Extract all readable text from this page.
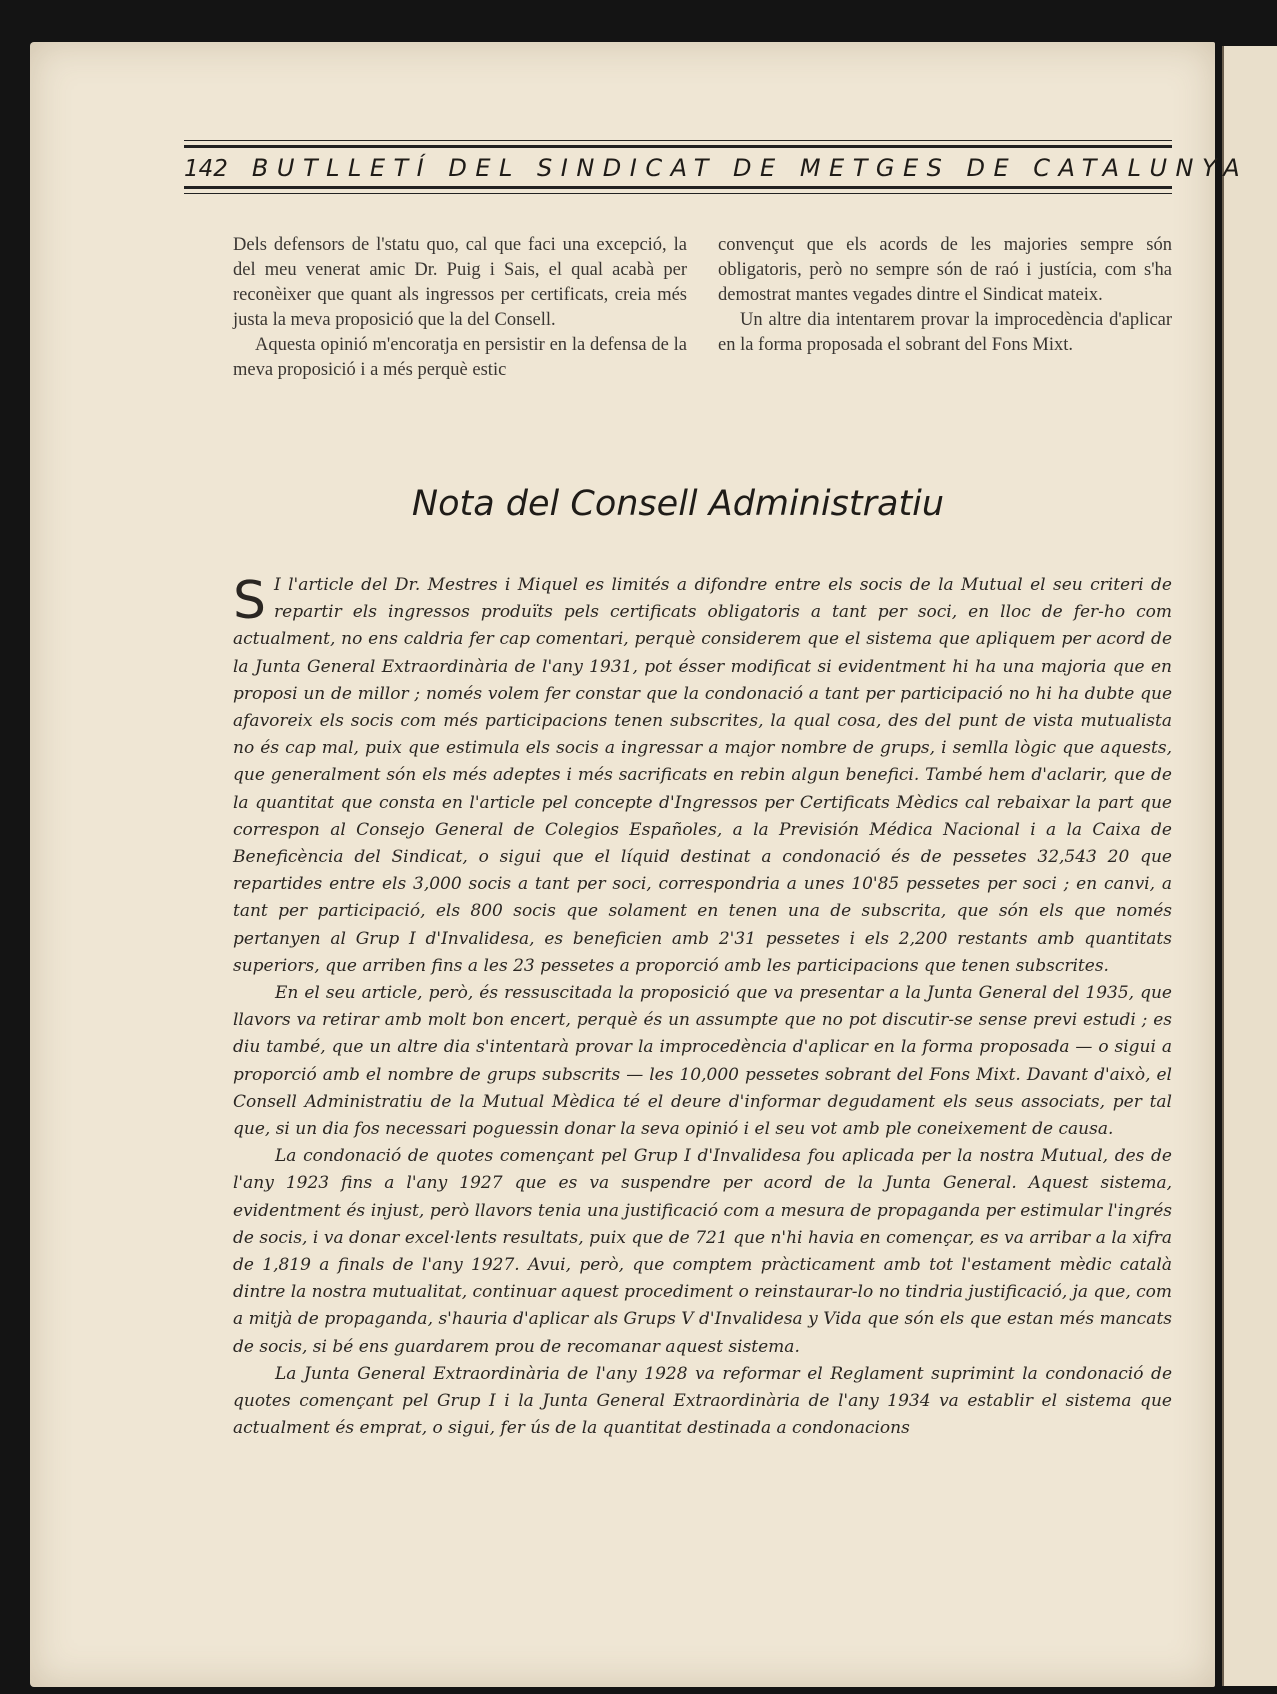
142 BUTLLETÍ DEL SINDICAT DE METGES DE CATALUNYA

Dels defensors de l'statu quo, cal que faci una excepció, la del meu venerat amic Dr. Puig i Sais, el qual acabà per reconèixer que quant als ingressos per certificats, creia més justa la meva proposició que la del Consell.

Aquesta opinió m'encoratja en persistir en la defensa de la meva proposició i a més perquè estic

convençut que els acords de les majories sempre són obligatoris, però no sempre són de raó i justícia, com s'ha demostrat mantes vegades dintre el Sindicat mateix.

Un altre dia intentarem provar la improcedència d'aplicar en la forma proposada el sobrant del Fons Mixt.

Nota del Consell Administratiu

S I l'article del Dr. Mestres i Miquel es limités a difondre entre els socis de la Mutual el seu criteri de repartir els ingressos produïts pels certificats obligatoris a tant per soci, en lloc de fer-ho com actualment, no ens caldria fer cap comentari, perquè considerem que el sistema que apliquem per acord de la Junta General Extraordinària de l'any 1931, pot ésser modificat si evidentment hi ha una majoria que en proposi un de millor ; només volem fer constar que la condonació a tant per participació no hi ha dubte que afavoreix els socis com més participacions tenen subscrites, la qual cosa, des del punt de vista mutualista no és cap mal, puix que estimula els socis a ingressar a major nombre de grups, i semlla lògic que aquests, que generalment són els més adeptes i més sacrificats en rebin algun benefici. També hem d'aclarir, que de la quantitat que consta en l'article pel concepte d'Ingressos per Certificats Mèdics cal rebaixar la part que correspon al Consejo General de Colegios Españoles, a la Previsión Médica Nacional i a la Caixa de Beneficència del Sindicat, o sigui que el líquid destinat a condonació és de pessetes 32,543 20 que repartides entre els 3,000 socis a tant per soci, correspondria a unes 10'85 pessetes per soci ; en canvi, a tant per participació, els 800 socis que solament en tenen una de subscrita, que són els que només pertanyen al Grup I d'Invalidesa, es beneficien amb 2'31 pessetes i els 2,200 restants amb quantitats superiors, que arriben fins a les 23 pessetes a proporció amb les participacions que tenen subscrites.

En el seu article, però, és ressuscitada la proposició que va presentar a la Junta General del 1935, que llavors va retirar amb molt bon encert, perquè és un assumpte que no pot discutir-se sense previ estudi ; es diu també, que un altre dia s'intentarà provar la improcedència d'aplicar en la forma proposada — o sigui a proporció amb el nombre de grups subscrits — les 10,000 pessetes sobrant del Fons Mixt. Davant d'això, el Consell Administratiu de la Mutual Mèdica té el deure d'informar degudament els seus associats, per tal que, si un dia fos necessari poguessin donar la seva opinió i el seu vot amb ple coneixement de causa.

La condonació de quotes començant pel Grup I d'Invalidesa fou aplicada per la nostra Mutual, des de l'any 1923 fins a l'any 1927 que es va suspendre per acord de la Junta General. Aquest sistema, evidentment és injust, però llavors tenia una justificació com a mesura de propaganda per estimular l'ingrés de socis, i va donar excel·lents resultats, puix que de 721 que n'hi havia en començar, es va arribar a la xifra de 1,819 a finals de l'any 1927. Avui, però, que comptem pràcticament amb tot l'estament mèdic català dintre la nostra mutualitat, continuar aquest procediment o reinstaurar-lo no tindria justificació, ja que, com a mitjà de propaganda, s'hauria d'aplicar als Grups V d'Invalidesa y Vida que són els que estan més mancats de socis, si bé ens guardarem prou de recomanar aquest sistema.

La Junta General Extraordinària de l'any 1928 va reformar el Reglament suprimint la condonació de quotes començant pel Grup I i la Junta General Extraordinària de l'any 1934 va establir el sistema que actualment és emprat, o sigui, fer ús de la quantitat destinada a condonacions
